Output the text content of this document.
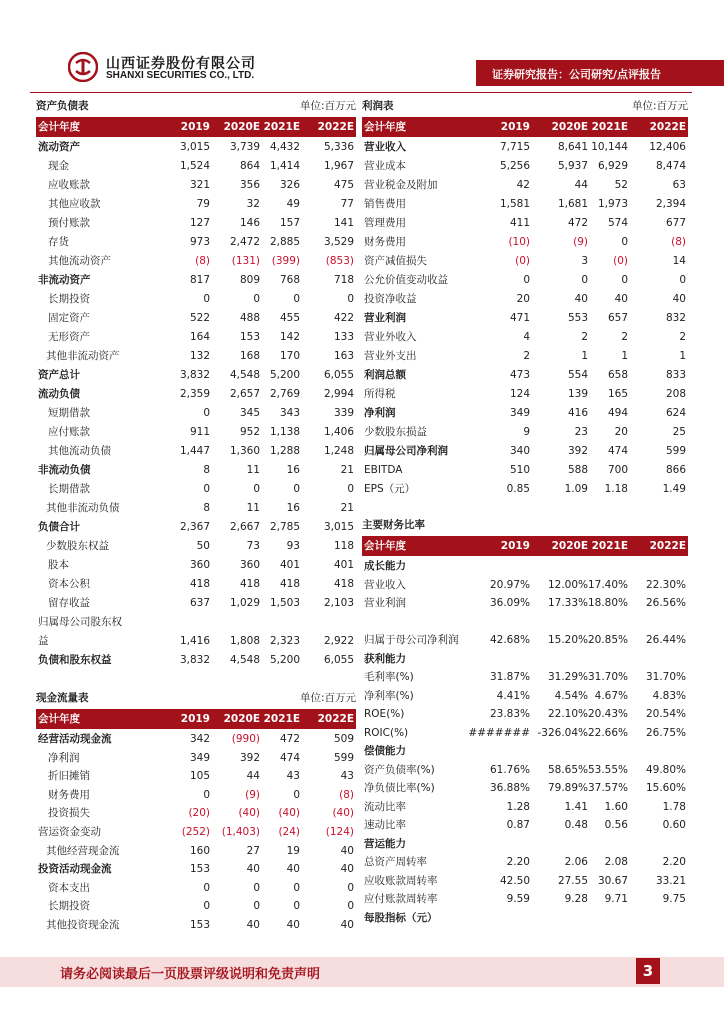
山西证券股份有限公司
SHANXI SECURITIES CO., LTD.	证券研究报告：公司研究/点评报告
资产负债表	单位:百万元
会计年度	2019 2020E 2021E 2022E
流动资产	3,015 3,739 4,432 5,336
现金	1,524	864 1,414 1,967
应收账款	321	356 326	475
其他应收款	79	32	49	77
预付账款	127	146 157	141
存货	973 2,472 2,885 3,529
其他流动资产	(8) (131) (399) (853)
非流动资产	817	809 768	718
长期投资	0	0	0	0
固定资产	522	488 455	422
无形资产	164	153 142	133
其他非流动资产	132	168 170	163
资产总计	3,832 4,548 5,200 6,055
流动负债	2,359 2,657 2,769 2,994
短期借款	0	345 343	339
应付账款	911	952 1,138 1,406
其他流动负债	1,447 1,360 1,288 1,248
非流动负债	8	11	16	21
长期借款	0	0	0	0
其他非流动负债	8	11	16	21
负债合计	2,367 2,667 2,785 3,015
少数股东权益	50	73	93	118
股本	360	360 401	401
资本公积	418	418 418	418
留存收益	637 1,029 1,503 2,103
归属母公司股东权
益	1,416 1,808 2,323 2,922
负债和股东权益	3,832 4,548 5,200 6,055
现金流量表	单位:百万元
会计年度	2019 2020E 2021E 2022E
经营活动现金流	342 (990) 472	509
净利润	349	392 474	599
折旧摊销	105	44	43	43
财务费用	0	(9)	0	(8)
投资损失	(20)	(40) (40)	(40)
营运资金变动	(252) (1,403) (24) (124)
其他经营现金流	160	27	19	40
投资活动现金流	153	40	40	40
资本支出	0	0	0	0
长期投资	0	0	0	0
其他投资现金流	153	40	40	40
利润表	单位:百万元
会计年度	2019 2020E 2021E 2022E
营业收入	7,715	8,641 10,144 12,406
营业成本	5,256	5,937 6,929	8,474
营业税金及附加	42	44	52	63
销售费用	1,581	1,681 1,973	2,394
管理费用	411	472 574	677
财务费用	(10)	(9)	0	(8)
资产减值损失	(0)	3 (0)	14
公允价值变动收益	0	0	0	0
投资净收益	20	40	40	40
营业利润	471	553 657	832
营业外收入	4	2	2	2
营业外支出	2	1	1	1
利润总额	473	554 658	833
所得税	124	139 165	208
净利润	349	416 494	624
少数股东损益	9	23	20	25
归属母公司净利润	340	392 474	599
EBITDA	510	588 700	866
EPS（元）	0.85	1.09 1.18	1.49
主要财务比率
会计年度	2019 2020E 2021E 2022E
成长能力
营业收入	20.97% 12.00% 17.40% 22.30%
营业利润	36.09% 17.33% 18.80% 26.56%
归属于母公司净利润	42.68% 15.20% 20.85% 26.44%
获利能力
毛利率(%)	31.87% 31.29% 31.70% 31.70%
净利率(%)	4.41% 4.54% 4.67% 4.83%
ROE(%)	23.83% 22.10% 20.43% 20.54%
ROIC(%)	####### -326.04% 22.66% 26.75%
偿债能力
资产负债率(%)	61.76% 58.65% 53.55% 49.80%
净负债比率(%)	36.88% 79.89% 37.57% 15.60%
流动比率	1.28	1.41 1.60	1.78
速动比率	0.87	0.48 0.56	0.60
营运能力
总资产周转率	2.20	2.06 2.08	2.20
应收账款周转率	42.50	27.55 30.67	33.21
应付账款周转率	9.59	9.28 9.71	9.75
每股指标（元）
请务必阅读最后一页股票评级说明和免责声明	3
